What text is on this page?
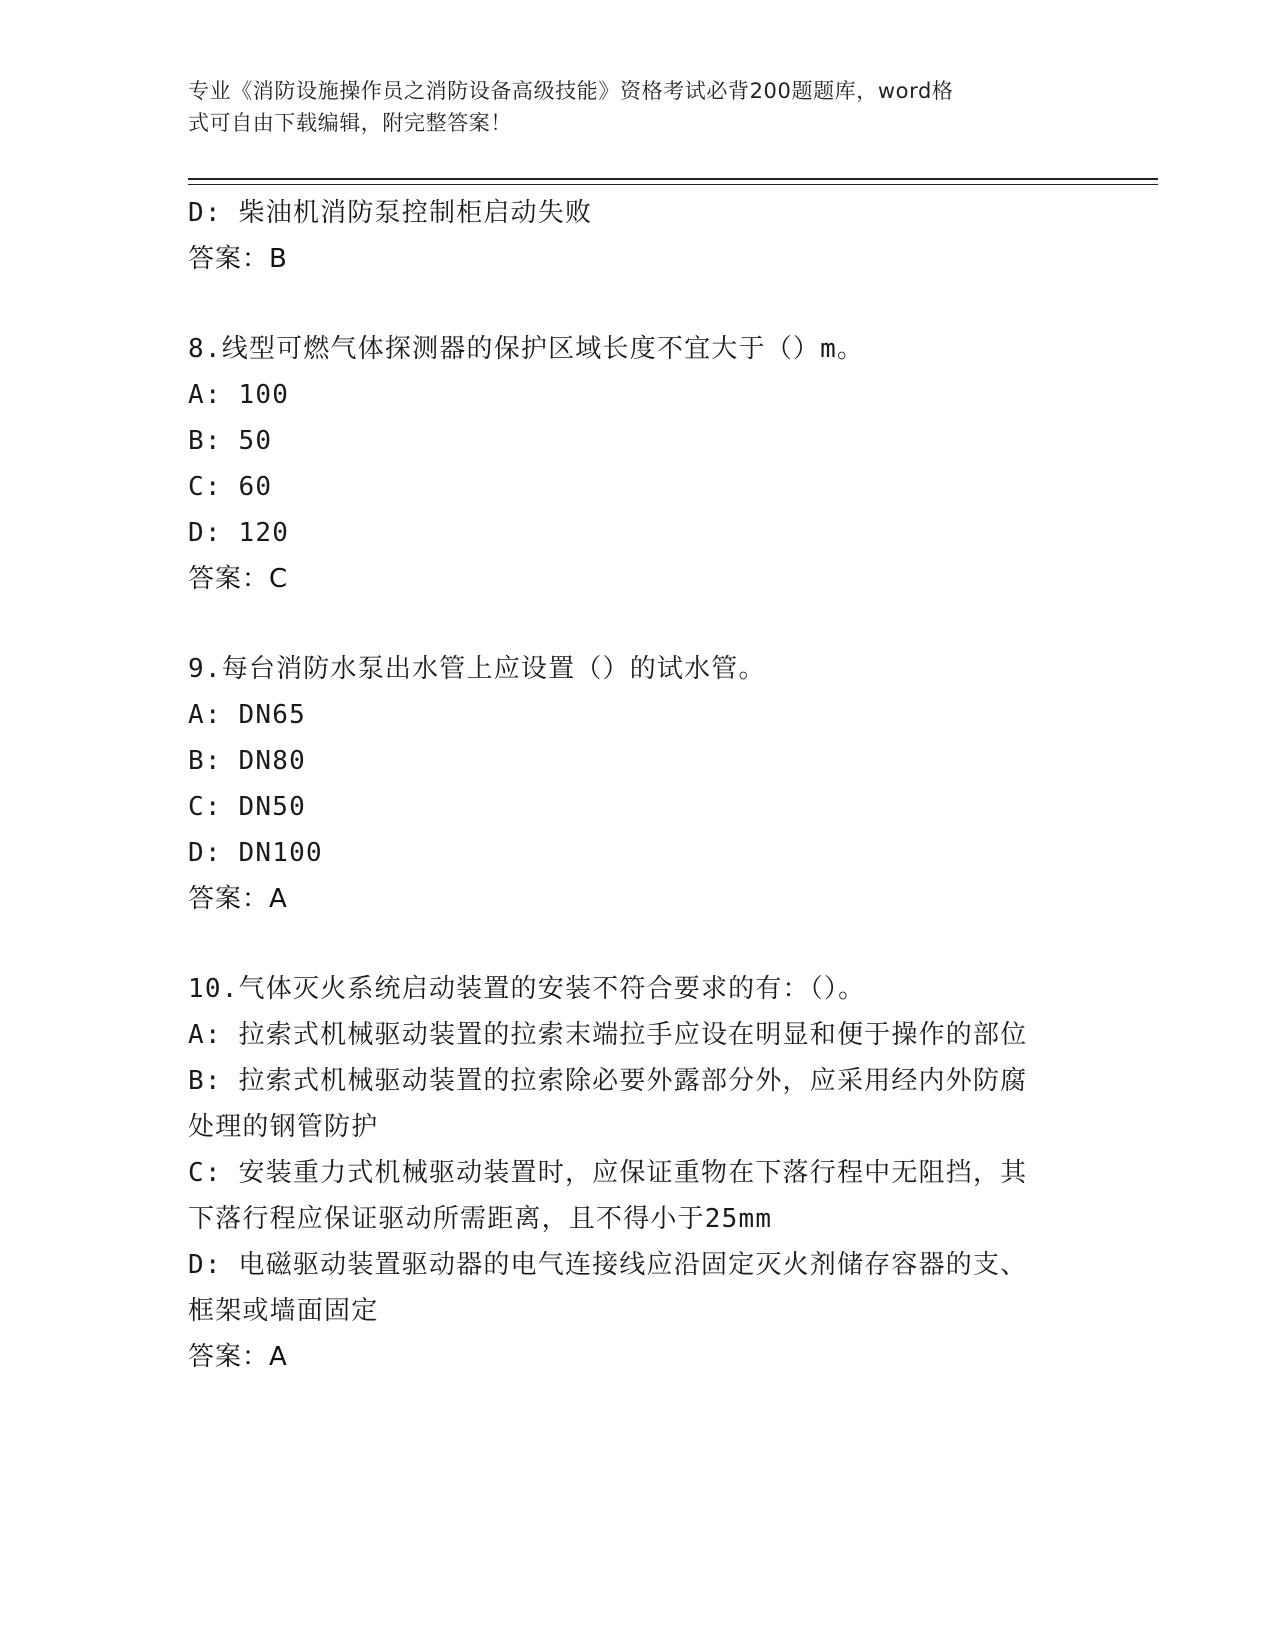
专业《消防设施操作员之消防设备高级技能》资格考试必背200题题库，word格
式可自由下载编辑，附完整答案！
D: 柴油机消防泵控制柜启动失败
答案：B
8.线型可燃气体探测器的保护区域长度不宜大于（）m。
A: 100
B: 50
C: 60
D: 120
答案：C
9.每台消防水泵出水管上应设置（）的试水管。
A: DN65
B: DN80
C: DN50
D: DN100
答案：A
10.气体灭火系统启动装置的安装不符合要求的有：（）。
A: 拉索式机械驱动装置的拉索末端拉手应设在明显和便于操作的部位
B: 拉索式机械驱动装置的拉索除必要外露部分外，应采用经内外防腐
处理的钢管防护
C: 安装重力式机械驱动装置时，应保证重物在下落行程中无阻挡，其
下落行程应保证驱动所需距离，且不得小于25mm
D: 电磁驱动装置驱动器的电气连接线应沿固定灭火剂储存容器的支、
框架或墙面固定
答案：A
